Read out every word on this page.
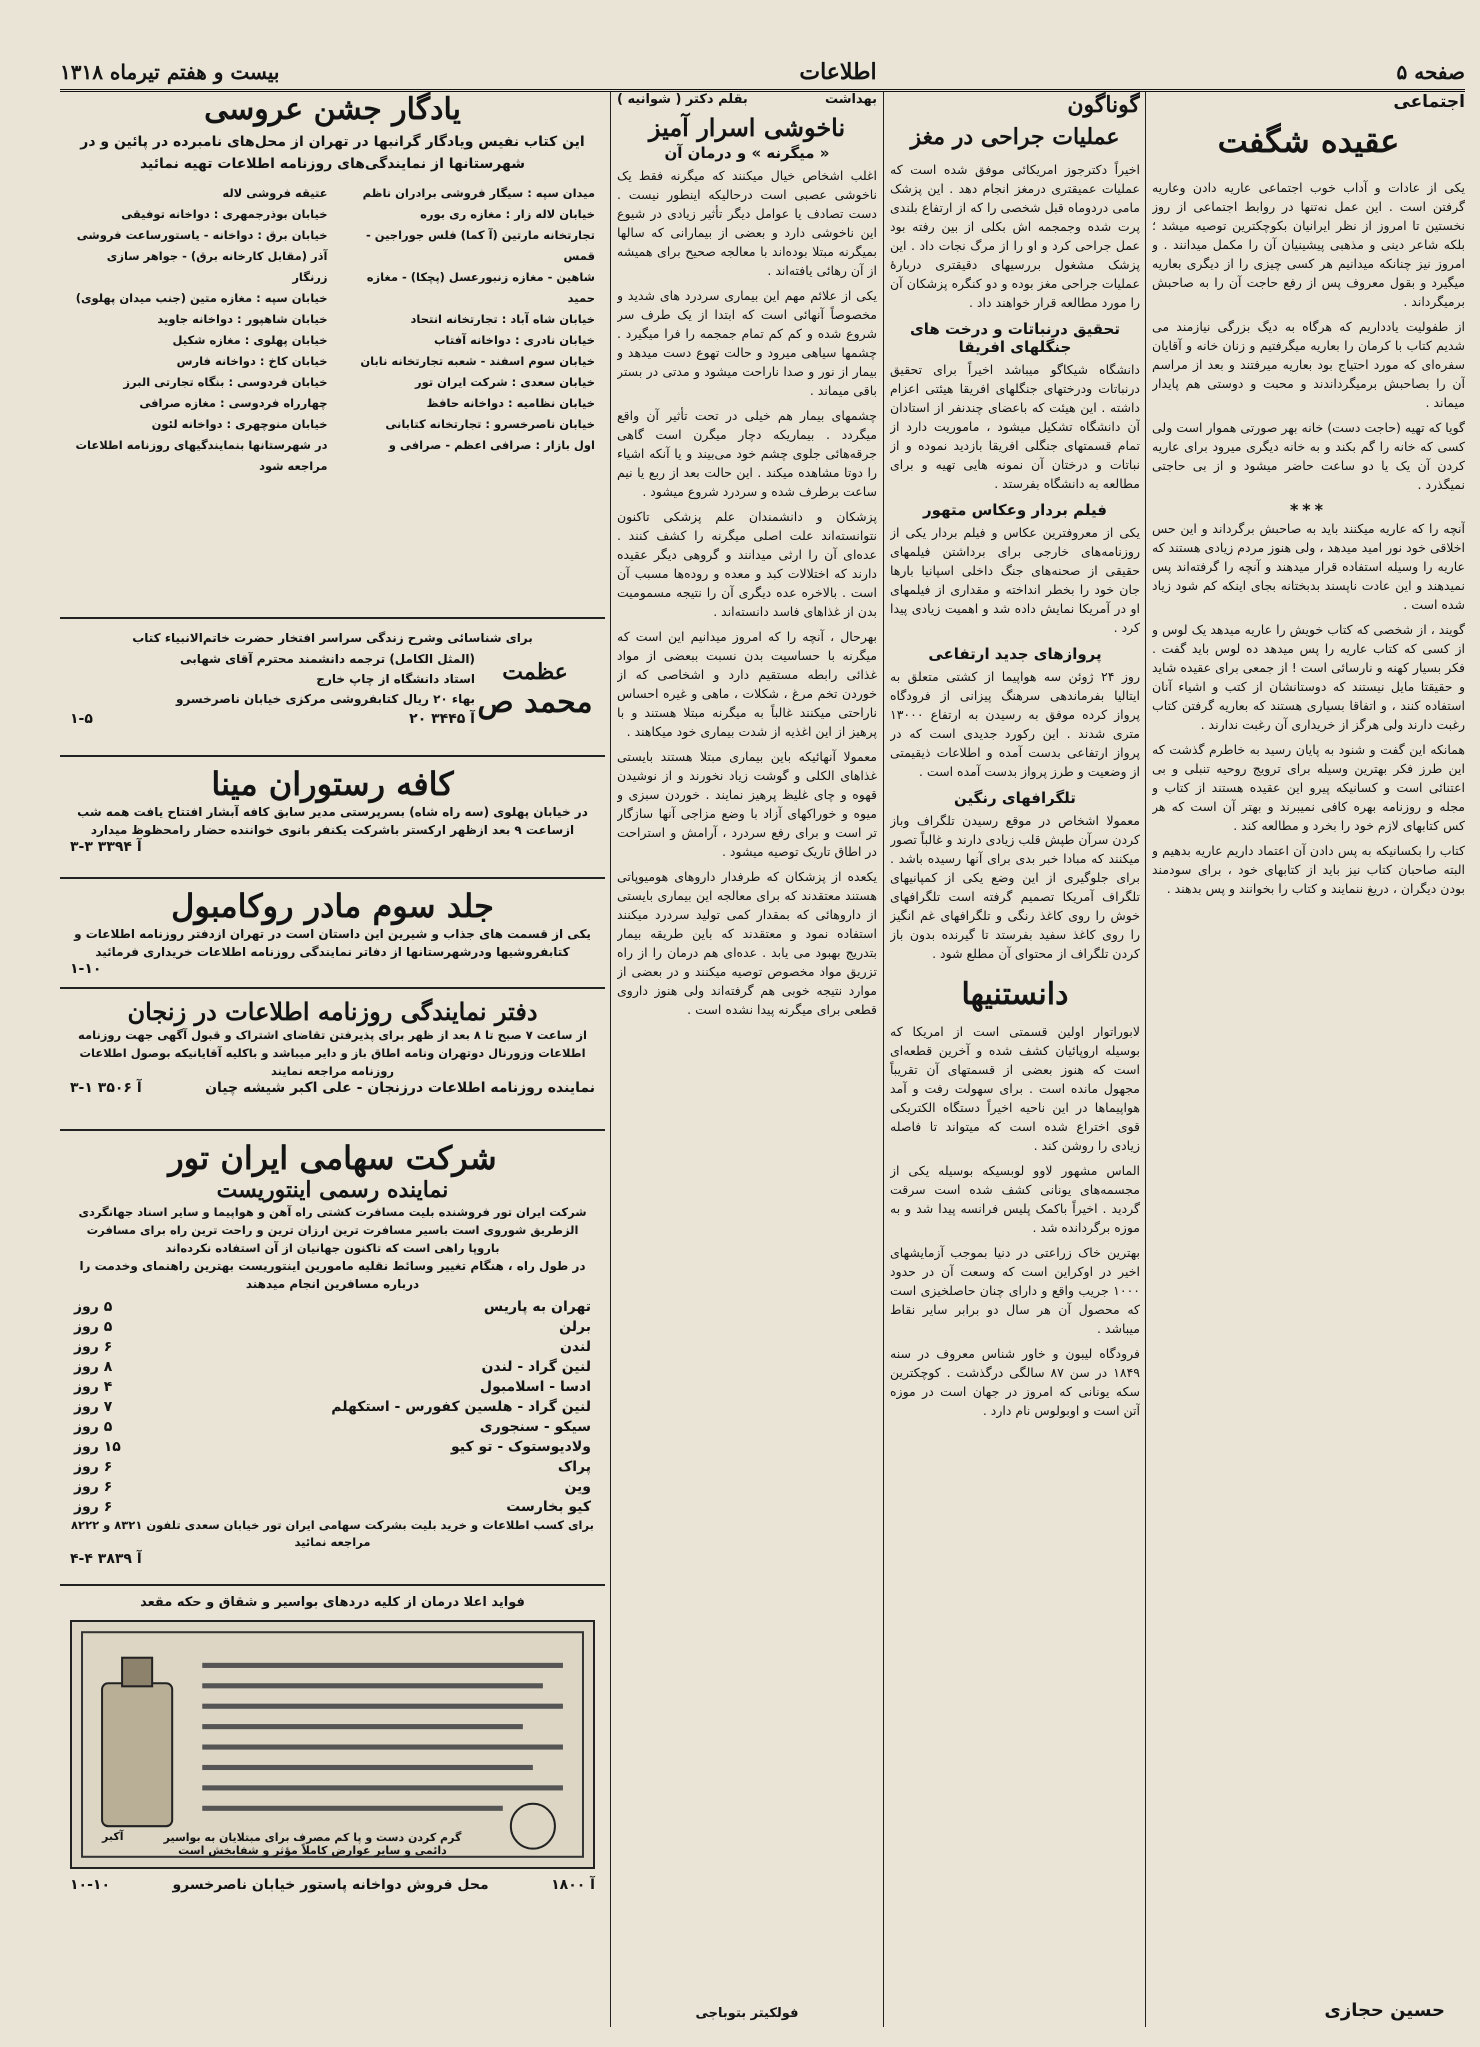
صفحه ۵
اطلاعات
بیست و هفتم تیرماه ۱۳۱۸
اجتماعی
عقیده شگفت

یکی از عادات و آداب خوب اجتماعی عاریه دادن وعاریه گرفتن است . این عمل نه‌تنها در روابط اجتماعی از روز نخستین تا امروز از نظر ایرانیان بکوچکترین توصیه میشد ؛ بلکه شاعر دینی و مذهبی پیشینیان آن را مکمل میدانند . و امروز نیز چنانکه میدانیم هر کسی چیزی را از دیگری بعاریه میگیرد و بقول معروف پس از رفع حاجت آن را به صاحبش برمیگرداند .

از طفولیت یادداریم که هرگاه به دیگ بزرگی نیازمند می شدیم کتاب با کرمان را بعاریه میگرفتیم و زنان خانه و آقایان سفره‌ای که مورد احتیاج بود بعاریه میرفتند و بعد از مراسم آن را بصاحبش برمیگرداندند و محبت و دوستی هم پایدار میماند .

گویا که تهیه (حاجت دست) خانه بهر صورتی هموار است ولی کسی که خانه را گم بکند و به خانه دیگری میرود برای عاریه کردن آن یک یا دو ساعت حاضر میشود و از بی حاجتی نمیگذرد .

***

آنچه را که عاریه میکنند باید به صاحبش برگرداند و این حس اخلاقی خود نور امید میدهد ، ولی هنوز مردم زیادی هستند که عاریه را وسیله استفاده قرار میدهند و آنچه را گرفته‌اند پس نمیدهند و این عادت ناپسند بدبختانه بجای اینکه کم شود زیاد شده است .

گویند ، از شخصی که کتاب خویش را عاریه میدهد یک لوس و از کسی که کتاب عاریه را پس میدهد ده لوس باید گفت . فکر بسیار کهنه و نارسائی است ! از جمعی برای عقیده شاید و حقیقتا مایل نیستند که دوستانشان از کتب و اشیاء آنان استفاده کنند ، و اتفاقا بسیاری هستند که بعاریه گرفتن کتاب رغبت دارند ولی هرگز از خریداری آن رغبت ندارند .

همانکه این گفت و شنود به پایان رسید به خاطرم گذشت که این طرز فکر بهترین وسیله برای ترویج روحیه تنبلی و بی اعتنائی است و کسانیکه پیرو این عقیده هستند از کتاب و مجله و روزنامه بهره کافی نمیبرند و بهتر آن است که هر کس کتابهای لازم خود را بخرد و مطالعه کند .

کتاب را بکسانیکه به پس دادن آن اعتماد داریم عاریه بدهیم و البته صاحبان کتاب نیز باید از کتابهای خود ، برای سودمند بودن دیگران ، دریغ ننمایند و کتاب را بخوانند و پس بدهند .

حسین حجازی
گوناگون
عملیات جراحی در مغز

اخیراً دکترجوز امریکائی موفق شده است که عملیات عمیقتری درمغز انجام دهد . این پزشک مامی دردوماه قبل شخصی را که از ارتفاع بلندی پرت شده وجمجمه اش بکلی از بین رفته بود عمل جراحی کرد و او را از مرگ نجات داد . این پزشک مشغول بررسیهای دقیقتری دربارهٔ عملیات جراحی مغز بوده و دو کنگره پزشکان آن را مورد مطالعه قرار خواهند داد .

تحقیق درنباتات و درخت های جنگلهای افریقا

دانشگاه شیکاگو میباشد اخیراً برای تحقیق درنباتات ودرختهای جنگلهای افریقا هیئتی اعزام داشته . این هیئت که باعضای چندنفر از استادان آن دانشگاه تشکیل میشود ، ماموریت دارد از تمام قسمتهای جنگلی افریقا بازدید نموده و از نباتات و درختان آن نمونه هایی تهیه و برای مطالعه به دانشگاه بفرستد .

فیلم بردار وعکاس متهور

یکی از معروفترین عکاس و فیلم بردار یکی از روزنامه‌های خارجی برای برداشتن فیلمهای حقیقی از صحنه‌های جنگ داخلی اسپانیا بارها جان خود را بخطر انداخته و مقداری از فیلمهای او در آمریکا نمایش داده شد و اهمیت زیادی پیدا کرد .

پروازهای جدید ارتفاعی

روز ۲۴ ژوئن سه هواپیما از کشتی متعلق به ایتالیا بفرماندهی سرهنگ پیزانی از فرودگاه پرواز کرده موفق به رسیدن به ارتفاع ۱۳۰۰۰ متری شدند . این رکورد جدیدی است که در پرواز ارتفاعی بدست آمده و اطلاعات ذیقیمتی از وضعیت و طرز پرواز بدست آمده است .

تلگرافهای رنگین

معمولا اشخاص در موقع رسیدن تلگراف وباز کردن سرآن طپش قلب زیادی دارند و غالباً تصور میکنند که مبادا خبر بدی برای آنها رسیده باشد . برای جلوگیری از این وضع یکی از کمپانیهای تلگراف آمریکا تصمیم گرفته است تلگرافهای خوش را روی کاغذ رنگی و تلگرافهای غم انگیز را روی کاغذ سفید بفرستد تا گیرنده بدون باز کردن تلگراف از محتوای آن مطلع شود .

دانستنیها

لابوراتوار اولین قسمتی است از امریکا که بوسیله اروپائیان کشف شده و آخرین قطعه‌ای است که هنوز بعضی از قسمتهای آن تقریباً مجهول مانده است . برای سهولت رفت و آمد هواپیماها در این ناحیه اخیراً دستگاه الکتریکی قوی اختراع شده است که میتواند تا فاصله زیادی را روشن کند .

الماس مشهور لاوو لوبسیکه بوسیله یکی از مجسمه‌های یونانی کشف شده است سرقت گردید . اخیراً باکمک پلیس فرانسه پیدا شد و به موزه برگردانده شد .

بهترین خاک زراعتی در دنیا بموجب آزمایشهای اخیر در اوکراین است که وسعت آن در حدود ۱۰۰۰ جریب واقع و دارای چنان حاصلخیزی است که محصول آن هر سال دو برابر سایر نقاط میباشد .

فرودگاه لیبون و خاور شناس معروف در سنه ۱۸۴۹ در سن ۸۷ سالگی درگذشت . کوچکترین سکه یونانی که امروز در جهان است در موزه آتن است و اوبولوس نام دارد .

بهداشت
بقلم دکتر ( شوانیه )
ناخوشی اسرار آمیز
« میگرنه » و درمان آن

اغلب اشخاص خیال میکنند که میگرنه فقط یک ناخوشی عصبی است درحالیکه اینطور نیست . دست تصادف یا عوامل دیگر تأثیر زیادی در شیوع این ناخوشی دارد و بعضی از بیمارانی که سالها بمیگرنه مبتلا بوده‌اند با معالجه صحیح برای همیشه از آن رهائی یافته‌اند .

یکی از علائم مهم این بیماری سردرد های شدید و مخصوصاً آنهائی است که ابتدا از یک طرف سر شروع شده و کم کم تمام جمجمه را فرا میگیرد . چشمها سیاهی میرود و حالت تهوع دست میدهد و بیمار از نور و صدا ناراحت میشود و مدتی در بستر باقی میماند .

چشمهای بیمار هم خیلی در تحت تأثیر آن واقع میگردد . بیماریکه دچار میگرن است گاهی جرقه‌هائی جلوی چشم خود می‌بیند و یا آنکه اشیاء را دوتا مشاهده میکند . این حالت بعد از ربع یا نیم ساعت برطرف شده و سردرد شروع میشود .

پزشکان و دانشمندان علم پزشکی تاکنون نتوانسته‌اند علت اصلی میگرنه را کشف کنند . عده‌ای آن را ارثی میدانند و گروهی دیگر عقیده دارند که اختلالات کبد و معده و روده‌ها مسبب آن است . بالاخره عده دیگری آن را نتیجه مسمومیت بدن از غذاهای فاسد دانسته‌اند .

بهرحال ، آنچه را که امروز میدانیم این است که میگرنه با حساسیت بدن نسبت ببعضی از مواد غذائی رابطه مستقیم دارد و اشخاصی که از خوردن تخم مرغ ، شکلات ، ماهی و غیره احساس ناراحتی میکنند غالباً به میگرنه مبتلا هستند و با پرهیز از این اغذیه از شدت بیماری خود میکاهند .

معمولا آنهائیکه باین بیماری مبتلا هستند بایستی غذاهای الکلی و گوشت زیاد نخورند و از نوشیدن قهوه و چای غلیظ پرهیز نمایند . خوردن سبزی و میوه و خوراکهای آزاد با وضع مزاجی آنها سازگار تر است و برای رفع سردرد ، آرامش و استراحت در اطاق تاریک توصیه میشود .

یکعده از پزشکان که طرفدار داروهای هومیوپاتی هستند معتقدند که برای معالجه این بیماری بایستی از داروهائی که بمقدار کمی تولید سردرد میکنند استفاده نمود و معتقدند که باین طریقه بیمار بتدریج بهبود می یابد . عده‌ای هم درمان را از راه تزریق مواد مخصوص توصیه میکنند و در بعضی از موارد نتیجه خوبی هم گرفته‌اند ولی هنوز داروی قطعی برای میگرنه پیدا نشده است .

فولکیتر بتوباجی
یادگار جشن عروسی
این کتاب نفیس ویادگار گرانبها در تهران از محل‌های نامبرده در پائین و در شهرستانها از نمایندگی‌های روزنامه اطلاعات تهیه نمائید
میدان سپه : سیگار فروشی برادران ناظم
خیابان لاله زار : مغازه ری بوره
تجارتخانه مارتین (آ کما) فلس جوراجین - قمس
شاهین - مغازه زنبورعسل (پچکا) - مغازه حمید
خیابان شاه آباد : تجارتخانه انتحاد
خیابان نادری : دواخانه آفتاب
خیابان سوم اسفند - شعبه تجارتخانه نابان
خیابان سعدی : شرکت ایران تور
خیابان نظامیه : دواخانه حافظ
خیابان ناصرخسرو : تجارتخانه کتابانی
اول بازار : صرافی اعظم - صرافی و
عتیقه فروشی لاله
خیابان بوذرجمهری : دواخانه توفیقی
خیابان برق : دواخانه - یاستورساعت فروشی
آذر (مقابل کارخانه برق) - جواهر سازی زرنگار
خیابان سپه : مغازه متین (جنب میدان پهلوی)
خیابان شاهپور : دواخانه جاوید
خیابان پهلوی : مغازه شکیل
خیابان کاخ : دواخانه فارس
خیابان فردوسی : بنگاه تجارتی البرز
چهارراه فردوسی : مغازه صرافی
خیابان منوچهری : دواخانه لئون
در شهرستانها بنمایندگیهای روزنامه اطلاعات مراجعه شود
برای شناسائی وشرح زندگی سراسر افتخار حضرت خاتم‌الانبیاء کتاب
عظمت
محمد ص
(المثل الکامل) ترجمه دانشمند محترم آقای شهابی
استاد دانشگاه از چاپ خارج
بهاء ۲۰ ریال کتابفروشی مرکزی خیابان ناصرخسرو
۱-۵	آ ۳۴۴۵ ۲۰
کافه رستوران مینا
در خیابان پهلوی (سه راه شاه) بسرپرستی مدیر سابق کافه آبشار افتتاح یافت همه شب ازساعت ۹ بعد ازظهر ارکستر باشرکت یکنفر بانوی خواننده حضار رامحظوظ میدارد
آ ۳۳۹۴ ۳-۳
جلد سوم مادر روکامبول
یکی از قسمت های جذاب و شیرین این داستان است در تهران ازدفتر روزنامه اطلاعات و کتابفروشیها ودرشهرستانها از دفاتر نمایندگی روزنامه اطلاعات خریداری فرمائید
۱-۱۰
دفتر نمایندگی روزنامه اطلاعات در زنجان
از ساعت ۷ صبح تا ۸ بعد از ظهر برای پذیرفتن تقاضای اشتراک و قبول آگهی جهت روزنامه اطلاعات وزورنال دوتهران ونامه اطاق باز و دایر میباشد و باکلیه آقایانیکه بوصول اطلاعات روزنامه مراجعه نمایند
آ ۳۵۰۶ ۱-۳	نماینده روزنامه اطلاعات درزنجان - علی اکبر شیشه چیان
شرکت سهامی ایران تور
نماینده رسمی اینتوریست
شرکت ایران تور فروشنده بلیت مسافرت کشتی راه آهن و هواپیما و سایر اسناد جهانگردی الزطریق شوروی است باسیر مسافرت ترین ارزان ترین و راحت ترین راه برای مسافرت باروپا راهی است که تاکنون جهانیان از آن استفاده نکرده‌اند
در طول راه ، هنگام تغییر وسائط نقلیه مامورین اینتوریست بهترین راهنمای وخدمت را درباره مسافرین انجام میدهند
تهران به پاریس	۵ روز
برلن	۵ روز
لندن	۶ روز
لنین گراد - لندن	۸ روز
ادسا - اسلامبول	۴ روز
لنین گراد - هلسین کفورس - استکهلم	۷ روز
سیکو - سنجوری	۵ روز
ولادیوستوک - تو کیو	۱۵ روز
پراک	۶ روز
وین	۶ روز
کیو بخارست	۶ روز
برای کسب اطلاعات و خرید بلیت بشرکت سهامی ایران تور خیابان سعدی تلفون ۸۳۲۱ و ۸۲۲۲ مراجعه نمائید
آ ۳۸۳۹ ۴-۴
فواید اعلا درمان از کلیه دردهای بواسیر و شقاق و حکه مقعد
گرم کردن دست و پا کم مصرف برای مبتلایان به بواسیر دائمی و سایر عوارض کاملاً مؤثر و شفابخش است
آکبر
۱۰-۱۰	محل فروش دواخانه پاستور خیابان ناصرخسرو	آ ۱۸۰۰
